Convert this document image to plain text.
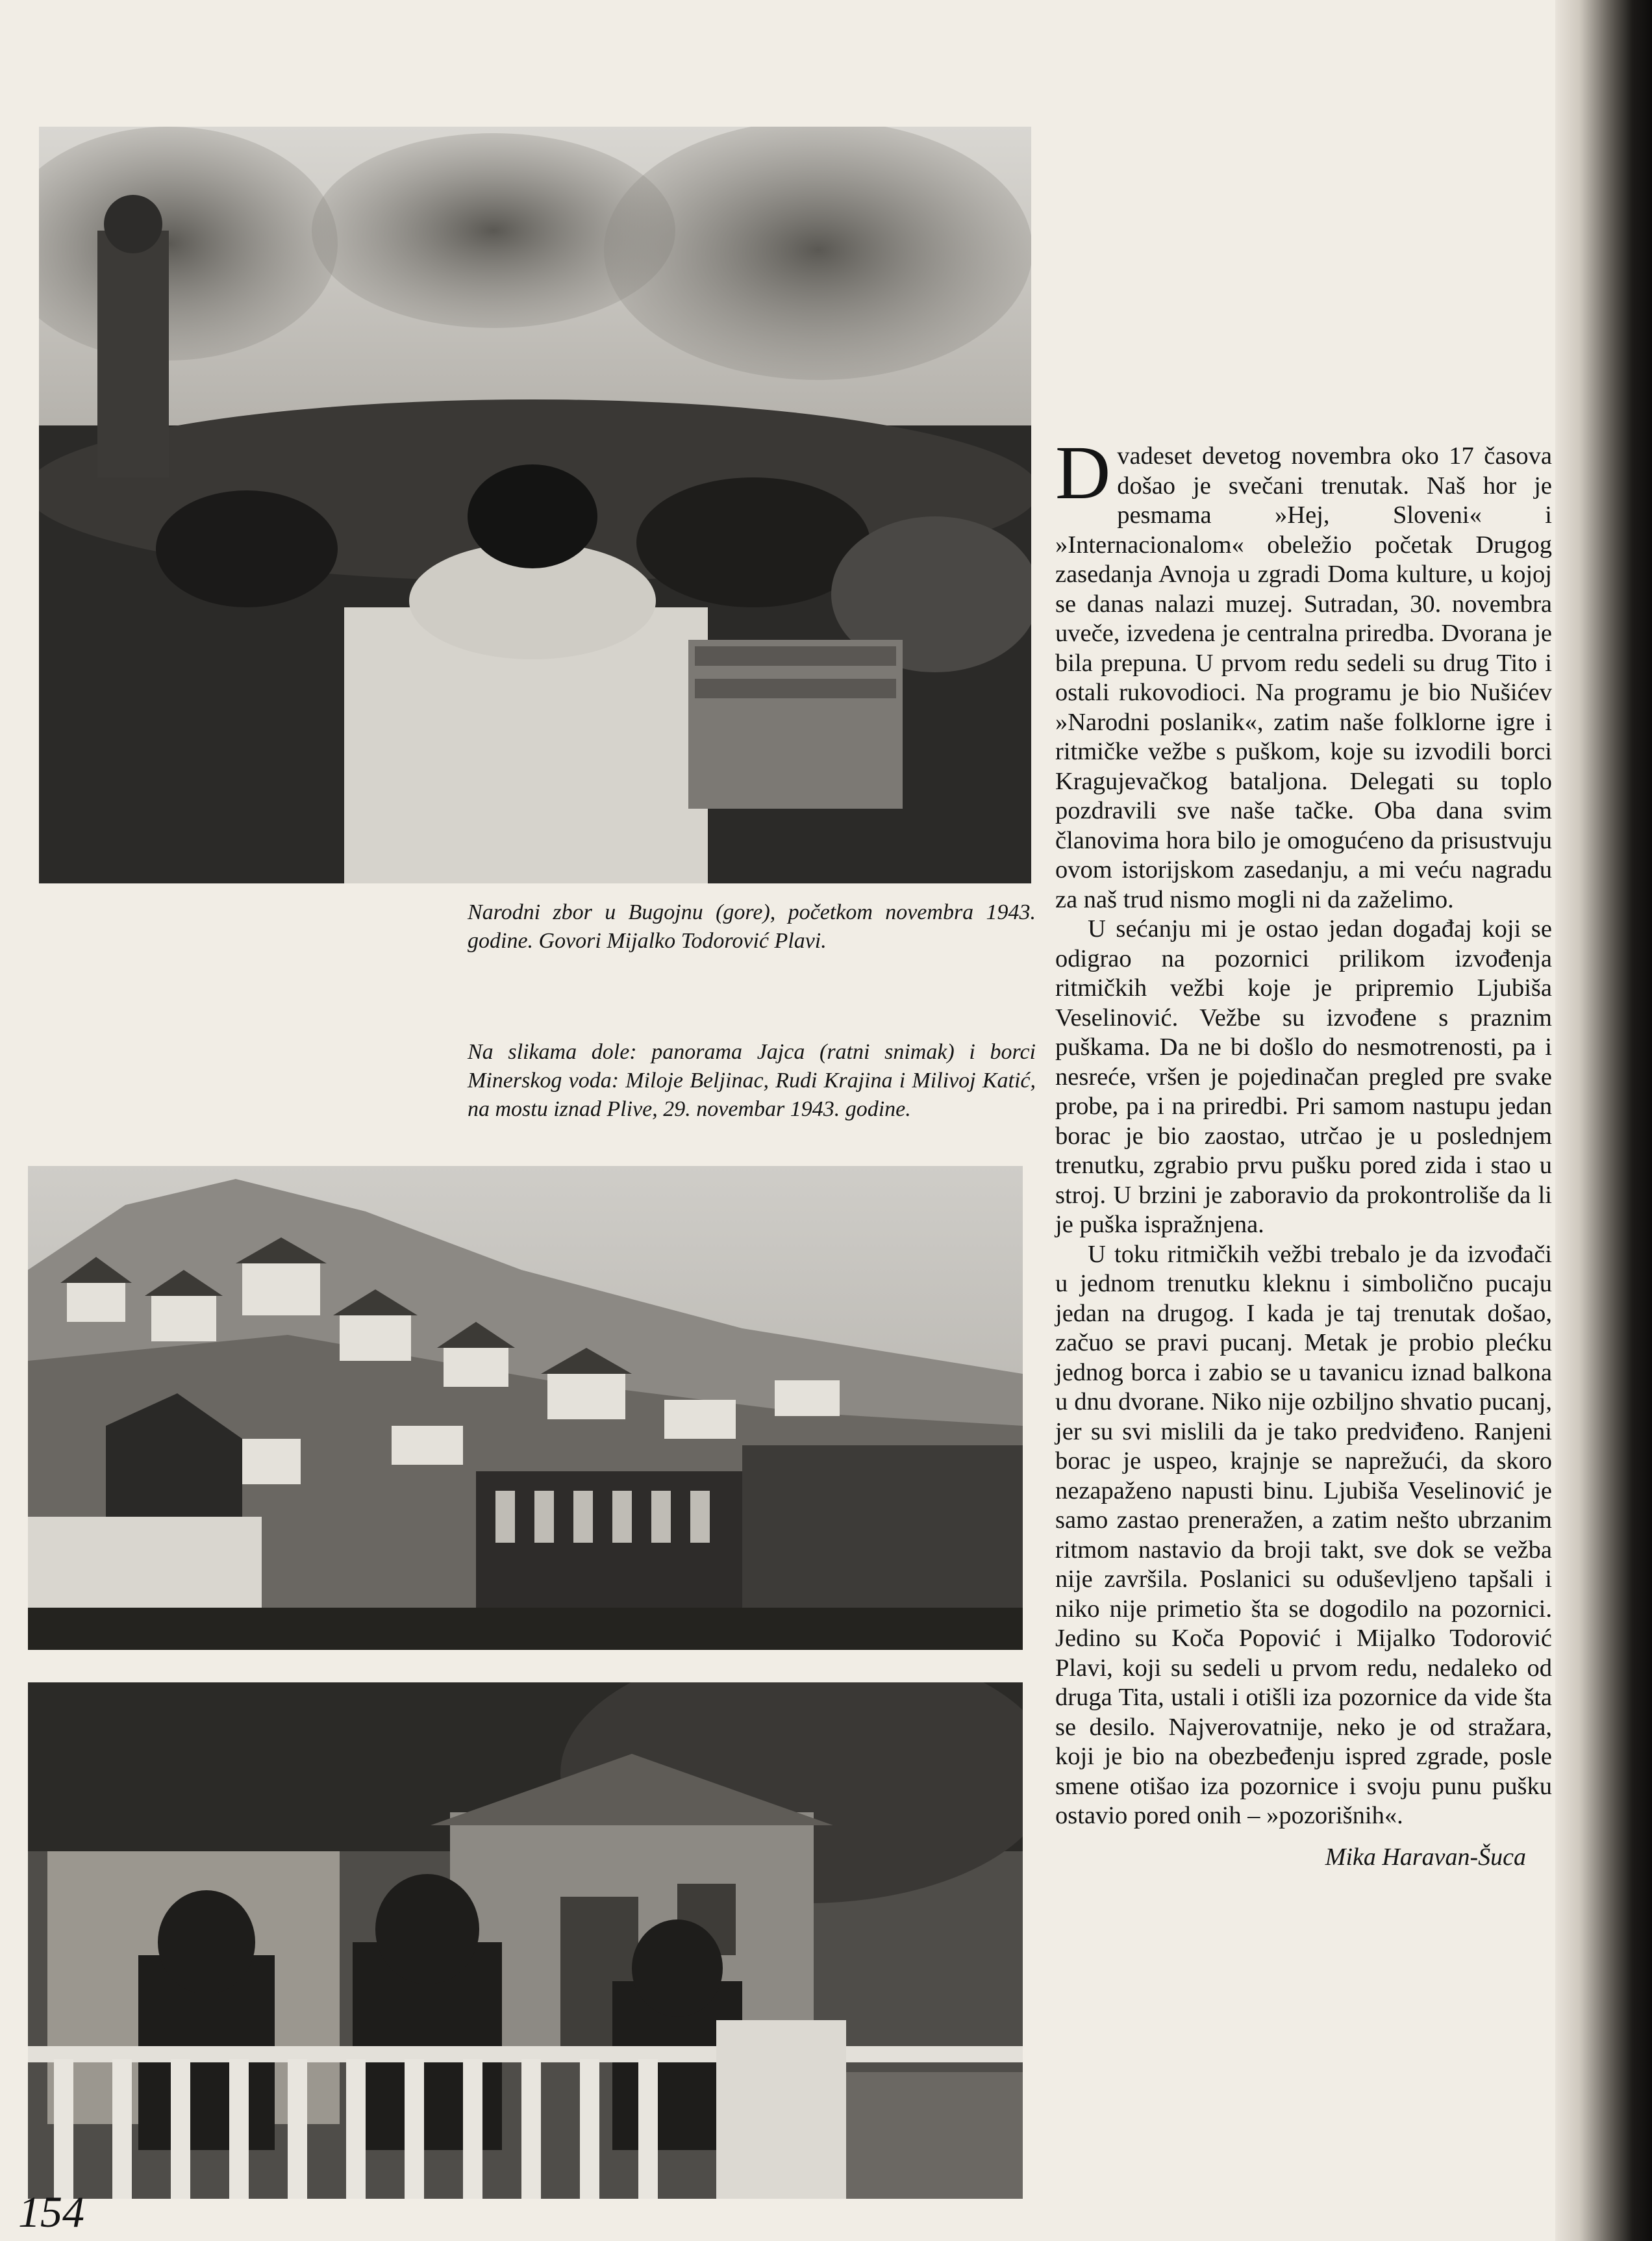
Narodni zbor u Bugojnu (gore), početkom novembra 1943. godine. Govori Mijalko Todorović Plavi.
Na slikama dole: panorama Jajca (ratni snimak) i borci Minerskog voda: Miloje Beljinac, Rudi Krajina i Milivoj Katić, na mostu iznad Plive, 29. novembar 1943. godine.

Dvadeset devetog novembra oko 17 časova došao je svečani trenutak. Naš hor je pesmama »Hej, Sloveni« i »Internacionalom« obeležio početak Drugog zasedanja Avnoja u zgradi Doma kulture, u kojoj se danas nalazi muzej. Sutradan, 30. novembra uveče, izvedena je centralna priredba. Dvorana je bila prepuna. U prvom redu sedeli su drug Tito i ostali rukovodioci. Na programu je bio Nušićev »Narodni poslanik«, zatim naše folklorne igre i ritmičke vežbe s puškom, koje su izvodili borci Kragujevačkog bataljona. Delegati su toplo pozdravili sve naše tačke. Oba dana svim članovima hora bilo je omogućeno da prisustvuju ovom istorijskom zasedanju, a mi veću nagradu za naš trud nismo mogli ni da zaželimo.

U sećanju mi je ostao jedan događaj koji se odigrao na pozornici prilikom izvođenja ritmičkih vežbi koje je pripremio Ljubiša Veselinović. Vežbe su izvođene s praznim puškama. Da ne bi došlo do nesmotrenosti, pa i nesreće, vršen je pojedinačan pregled pre svake probe, pa i na priredbi. Pri samom nastupu jedan borac je bio zaostao, utrčao je u poslednjem trenutku, zgrabio prvu pušku pored zida i stao u stroj. U brzini je zaboravio da prokontroliše da li je puška ispražnjena.

U toku ritmičkih vežbi trebalo je da izvođači u jednom trenutku kleknu i simbolično pucaju jedan na drugog. I kada je taj trenutak došao, začuo se pravi pucanj. Metak je probio plećku jednog borca i zabio se u tavanicu iznad balkona u dnu dvorane. Niko nije ozbiljno shvatio pucanj, jer su svi mislili da je tako predviđeno. Ranjeni borac je uspeo, krajnje se naprežući, da skoro nezapaženo napusti binu. Ljubiša Veselinović je samo zastao preneražen, a zatim nešto ubrzanim ritmom nastavio da broji takt, sve dok se vežba nije završila. Poslanici su oduševljeno tapšali i niko nije primetio šta se dogodilo na pozornici. Jedino su Koča Popović i Mijalko Todorović Plavi, koji su sedeli u prvom redu, nedaleko od druga Tita, ustali i otišli iza pozornice da vide šta se desilo. Najverovatnije, neko je od stražara, koji je bio na obezbeđenju ispred zgrade, posle smene otišao iza pozornice i svoju punu pušku ostavio pored onih – »pozorišnih«.

Mika Haravan-Šuca
154
